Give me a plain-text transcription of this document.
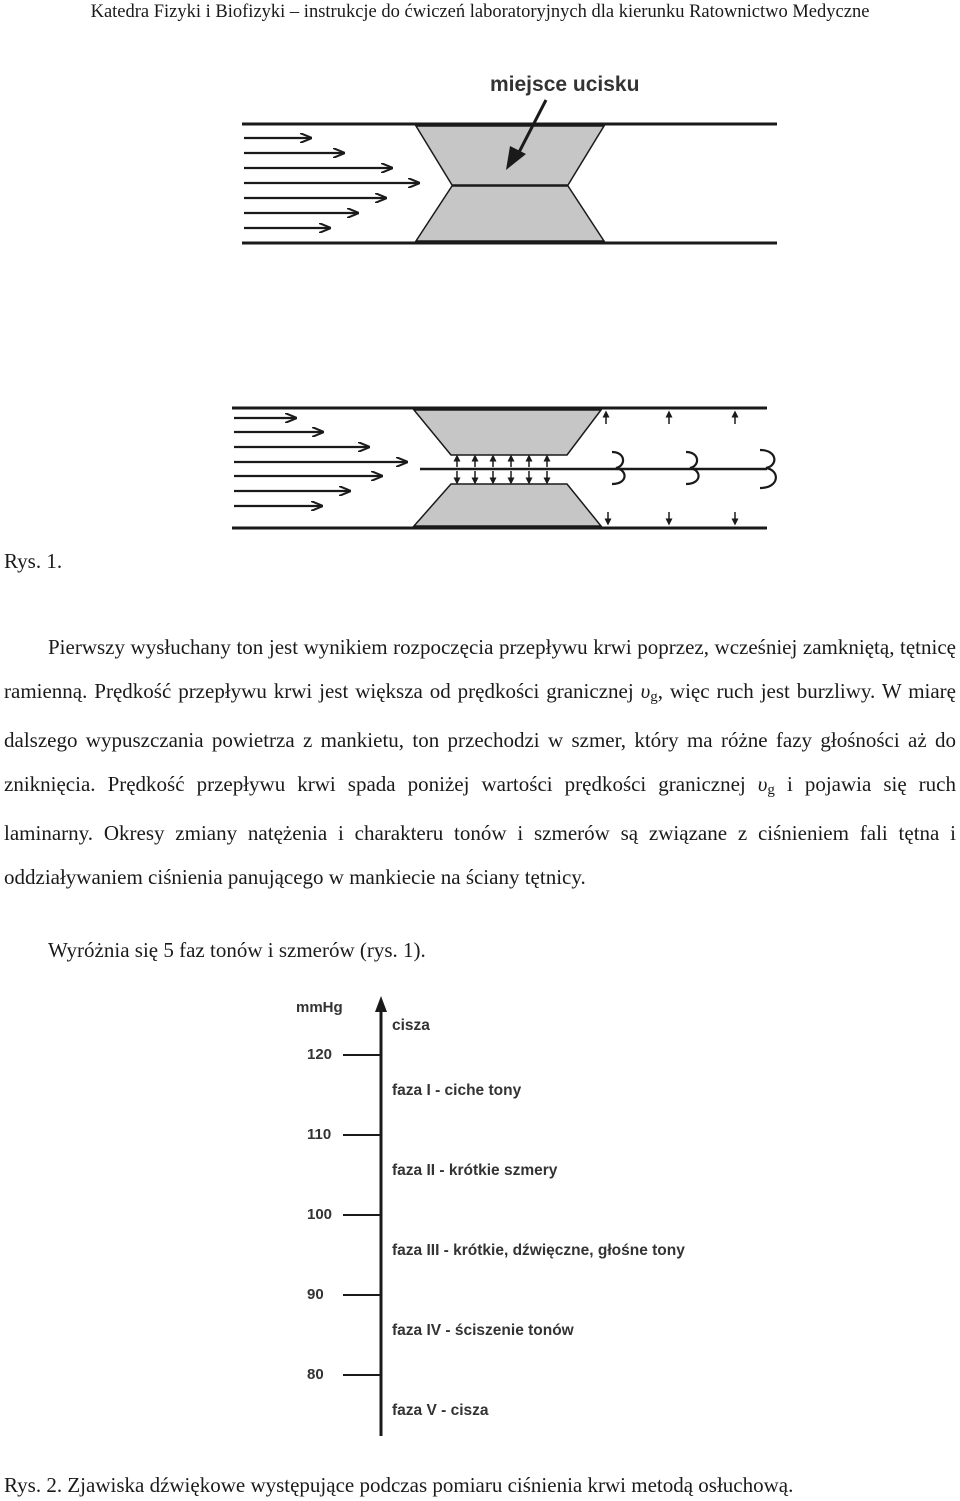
Katedra Fizyki i Biofizyki – instrukcje do ćwiczeń laboratoryjnych dla kierunku Ratownictwo Medyczne
miejsce ucisku
Rys. 1.

Pierwszy wysłuchany ton jest wynikiem rozpoczęcia przepływu krwi poprzez, wcześniej zamkniętą, tętnicę ramienną. Prędkość przepływu krwi jest większa od prędkości granicznej $\upsilon_g$, więc ruch jest burzliwy. W miarę dalszego wypuszczania powietrza z mankietu, ton przechodzi w szmer, który ma różne fazy głośności aż do zniknięcia. Prędkość przepływu krwi spada poniżej wartości prędkości granicznej $\upsilon_g$ i pojawia się ruch laminarny. Okresy zmiany natężenia i charakteru tonów i szmerów są związane z ciśnieniem fali tętna i oddziaływaniem ciśnienia panującego w mankiecie na ściany tętnicy.

Wyróżnia się 5 faz tonów i szmerów (rys. 1).
mmHg
120
110
100
90
80
cisza
faza I - ciche tony
faza II - krótkie szmery
faza III - krótkie, dźwięczne, głośne tony
faza IV - ściszenie tonów
faza V - cisza
Rys. 2. Zjawiska dźwiękowe występujące podczas pomiaru ciśnienia krwi metodą osłuchową.
